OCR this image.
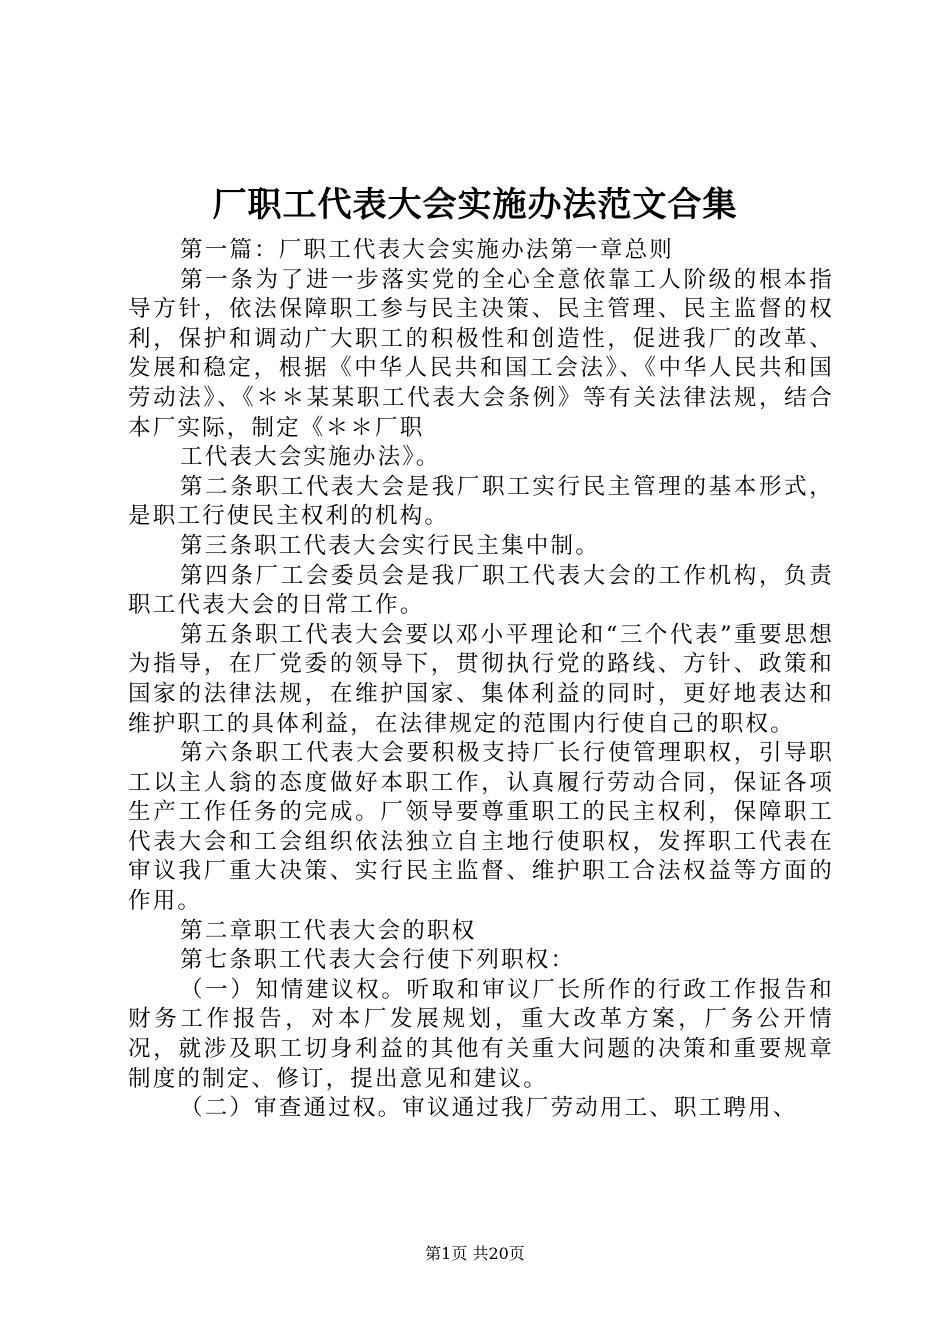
厂职工代表大会实施办法范文合集

第一篇：厂职工代表大会实施办法第一章总则

第一条为了进一步落实党的全心全意依靠工人阶级的根本指导方针，依法保障职工参与民主决策、民主管理、民主监督的权利，保护和调动广大职工的积极性和创造性，促进我厂的改革、发展和稳定，根据《中华人民共和国工会法》、《中华人民共和国劳动法》、《＊＊某某职工代表大会条例》等有关法律法规，结合本厂实际，制定《＊＊厂职

工代表大会实施办法》。

第二条职工代表大会是我厂职工实行民主管理的基本形式，是职工行使民主权利的机构。

第三条职工代表大会实行民主集中制。

第四条厂工会委员会是我厂职工代表大会的工作机构，负责职工代表大会的日常工作。

第五条职工代表大会要以邓小平理论和“三个代表”重要思想为指导，在厂党委的领导下，贯彻执行党的路线、方针、政策和国家的法律法规，在维护国家、集体利益的同时，更好地表达和维护职工的具体利益，在法律规定的范围内行使自己的职权。

第六条职工代表大会要积极支持厂长行使管理职权，引导职工以主人翁的态度做好本职工作，认真履行劳动合同，保证各项生产工作任务的完成。厂领导要尊重职工的民主权利，保障职工代表大会和工会组织依法独立自主地行使职权，发挥职工代表在审议我厂重大决策、实行民主监督、维护职工合法权益等方面的作用。

第二章职工代表大会的职权

第七条职工代表大会行使下列职权：

（一）知情建议权。听取和审议厂长所作的行政工作报告和财务工作报告，对本厂发展规划，重大改革方案，厂务公开情况，就涉及职工切身利益的其他有关重大问题的决策和重要规章制度的制定、修订，提出意见和建议。

（二）审查通过权。审议通过我厂劳动用工、职工聘用、

第1页 共20页
